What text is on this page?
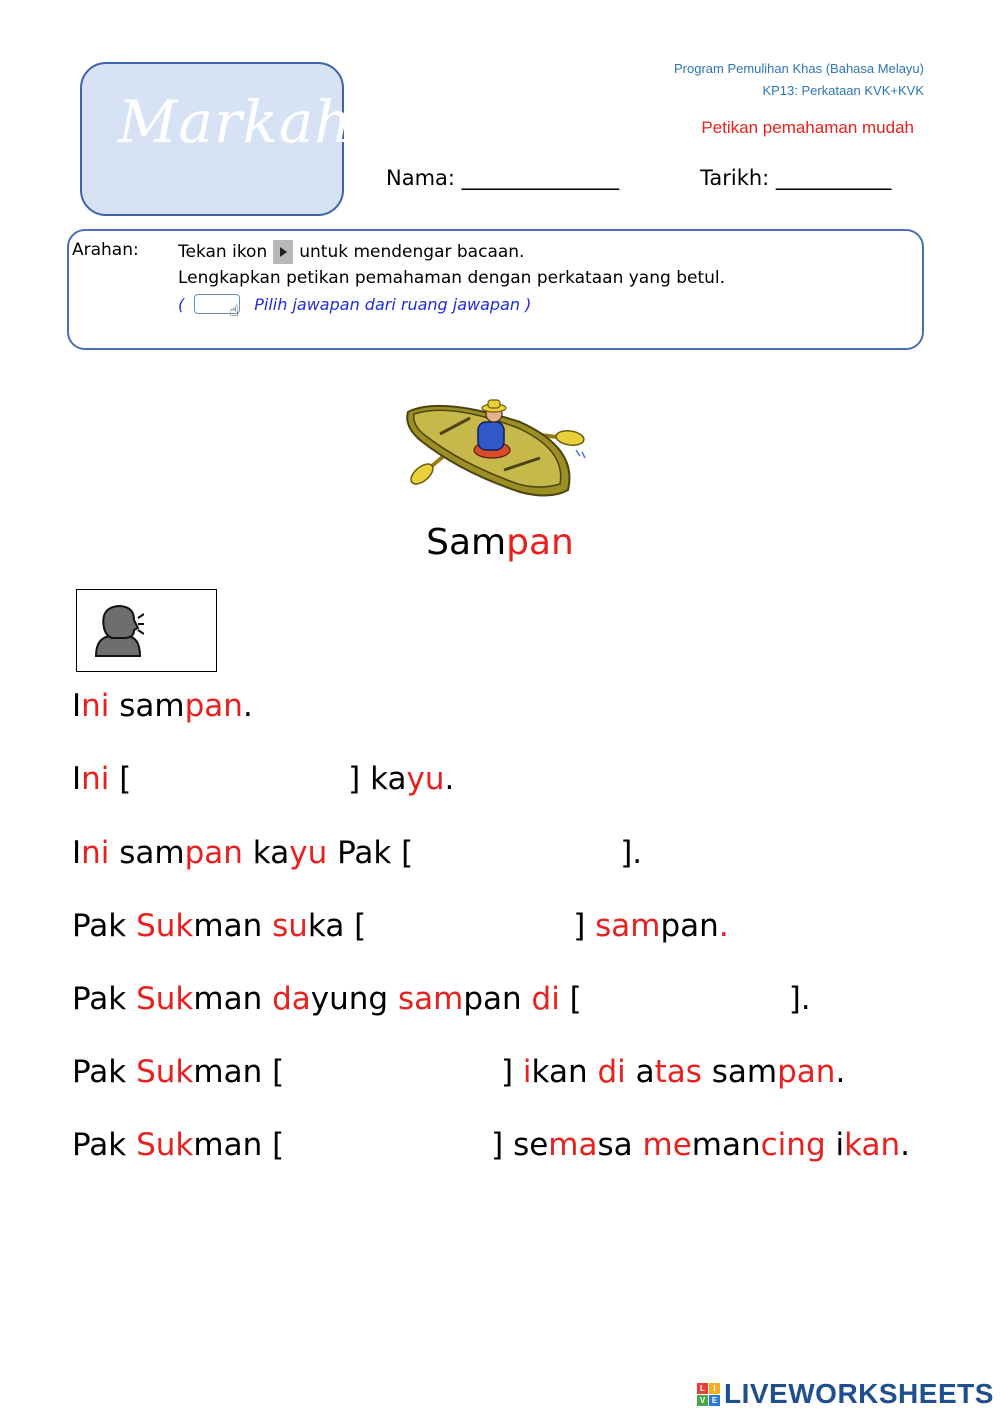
Markah
Program Pemulihan Khas (Bahasa Melayu)
KP13: Perkataan KVK+KVK
Petikan pemahaman mudah
Nama: _______________	Tarikh: ___________
Arahan: Tekan ikon untuk mendengar bacaan.
Lengkapkan petikan pemahaman dengan perkataan yang betul.
(	☝ Pilih jawapan dari ruang jawapan )
Sampan
Ini sampan.
Ini [                      ] kayu.
Ini sampan kayu Pak [                     ].
Pak Sukman suka [                     ] sampan.
Pak Sukman dayung sampan di [                     ].
Pak Sukman [                      ] ikan di atas sampan.
Pak Sukman [                     ] semasa memancing ikan.
L	I
V E LIVEWORKSHEETS
